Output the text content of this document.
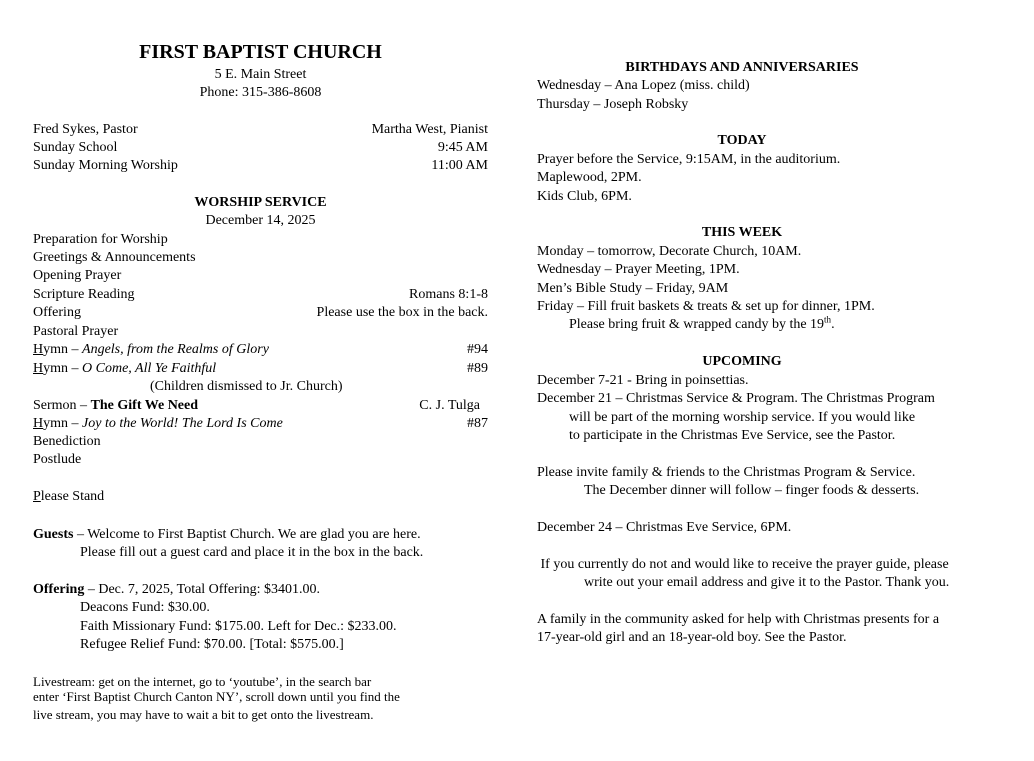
FIRST BAPTIST CHURCH
5 E. Main Street
Phone: 315-386-8608
Fred Sykes, Pastor	Martha West, Pianist
Sunday School	9:45 AM
Sunday Morning Worship	11:00 AM
WORSHIP SERVICE
December 14, 2025
Preparation for Worship
Greetings & Announcements
Opening Prayer
Scripture Reading	Romans 8:1-8
Offering	Please use the box in the back.
Pastoral Prayer
Hymn – Angels, from the Realms of Glory	#94
Hymn – O Come, All Ye Faithful	#89
(Children dismissed to Jr. Church)
Sermon – The Gift We Need	C. J. Tulga
Hymn – Joy to the World! The Lord Is Come	#87
Benediction
Postlude
Please Stand
Guests – Welcome to First Baptist Church. We are glad you are here.
Please fill out a guest card and place it in the box in the back.
Offering – Dec. 7, 2025, Total Offering: $3401.00.
Deacons Fund: $30.00.
Faith Missionary Fund: $175.00. Left for Dec.: $233.00.
Refugee Relief Fund: $70.00. [Total: $575.00.]
Livestream: get on the internet, go to ‘youtube’, in the search bar
enter ‘First Baptist Church Canton NY’, scroll down until you find the
live stream, you may have to wait a bit to get onto the livestream.
BIRTHDAYS AND ANNIVERSARIES
Wednesday – Ana Lopez (miss. child)
Thursday – Joseph Robsky
TODAY
Prayer before the Service, 9:15AM, in the auditorium.
Maplewood, 2PM.
Kids Club, 6PM.
THIS WEEK
Monday – tomorrow, Decorate Church, 10AM.
Wednesday – Prayer Meeting, 1PM.
Men’s Bible Study – Friday, 9AM
Friday – Fill fruit baskets & treats & set up for dinner, 1PM.
Please bring fruit & wrapped candy by the 19th.
UPCOMING
December 7-21 - Bring in poinsettias.
December 21 – Christmas Service & Program. The Christmas Program
will be part of the morning worship service. If you would like
to participate in the Christmas Eve Service, see the Pastor.
Please invite family & friends to the Christmas Program & Service.
The December dinner will follow – finger foods & desserts.
December 24 – Christmas Eve Service, 6PM.
If you currently do not and would like to receive the prayer guide, please
write out your email address and give it to the Pastor. Thank you.
A family in the community asked for help with Christmas presents for a
17-year-old girl and an 18-year-old boy. See the Pastor.
